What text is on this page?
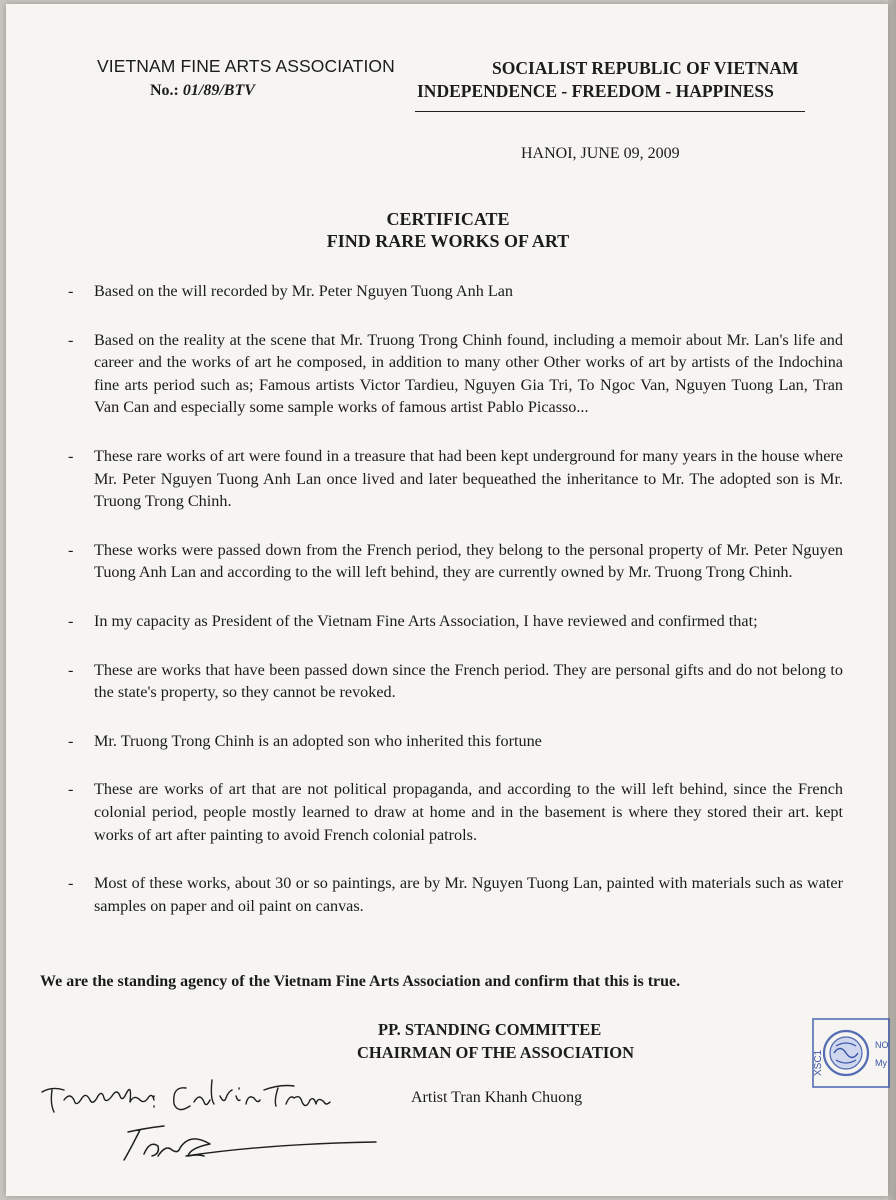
VIETNAM FINE ARTS ASSOCIATION
No.: 01/89/BTV
SOCIALIST REPUBLIC OF VIETNAM
INDEPENDENCE - FREEDOM - HAPPINESS
HANOI, JUNE 09, 2009
CERTIFICATE
FIND RARE WORKS OF ART
- Based on the will recorded by Mr. Peter Nguyen Tuong Anh Lan
- Based on the reality at the scene that Mr. Truong Trong Chinh found, including a memoir about Mr. Lan's life and career and the works of art he composed, in addition to many other Other works of art by artists of the Indochina fine arts period such as; Famous artists Victor Tardieu, Nguyen Gia Tri, To Ngoc Van, Nguyen Tuong Lan, Tran Van Can and especially some sample works of famous artist Pablo Picasso...
- These rare works of art were found in a treasure that had been kept underground for many years in the house where Mr. Peter Nguyen Tuong Anh Lan once lived and later bequeathed the inheritance to Mr. The adopted son is Mr. Truong Trong Chinh.
- These works were passed down from the French period, they belong to the personal property of Mr. Peter Nguyen Tuong Anh Lan and according to the will left behind, they are currently owned by Mr. Truong Trong Chinh.
- In my capacity as President of the Vietnam Fine Arts Association, I have reviewed and confirmed that;
- These are works that have been passed down since the French period. They are personal gifts and do not belong to the state's property, so they cannot be revoked.
- Mr. Truong Trong Chinh is an adopted son who inherited this fortune
- These are works of art that are not political propaganda, and according to the will left behind, since the French colonial period, people mostly learned to draw at home and in the basement is where they stored their art. kept works of art after painting to avoid French colonial patrols.
- Most of these works, about 30 or so paintings, are by Mr. Nguyen Tuong Lan, painted with materials such as water samples on paper and oil paint on canvas.
We are the standing agency of the Vietnam Fine Arts Association and confirm that this is true.
PP. STANDING COMMITTEE
CHAIRMAN OF THE ASSOCIATION
Artist Tran Khanh Chuong
XSC1
NO
My
